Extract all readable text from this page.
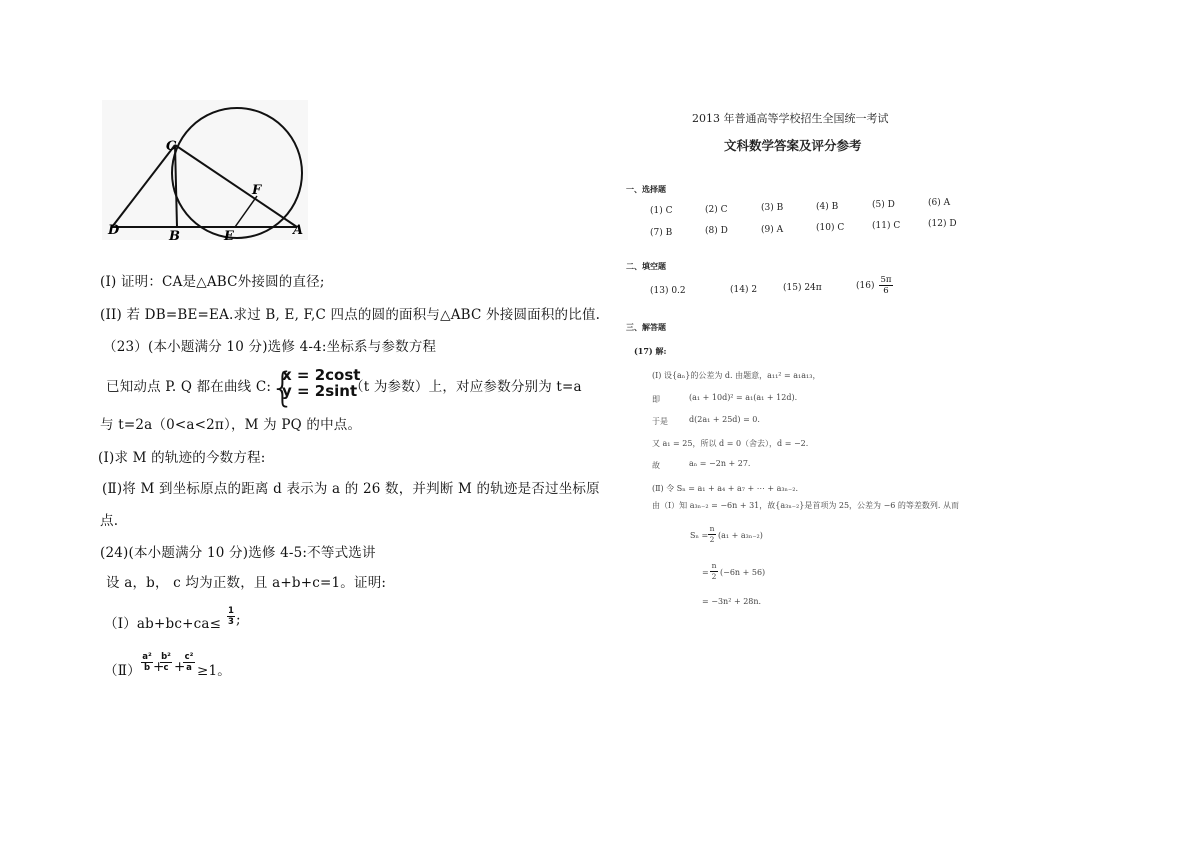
C
F
D	B	E	A
(I) 证明：CA是△ABC外接圆的直径;
(II) 若 DB=BE=EA.求过 B, E, F,C 四点的圆的面积与△ABC 外接圆面积的比值.
（23）(本小题满分 10 分)选修 4-4:坐标系与参数方程
已知动点 P. Q 都在曲线 C:
{
x = 2cost
y = 2sint
（t 为参数）上，对应参数分别为 t=a
与 t=2a（0<a<2π），M 为 PQ 的中点。
(Ⅰ)求 M 的轨迹的今数方程:
(Ⅱ)将 M 到坐标原点的距离 d 表示为 a 的 26 数，并判断 M 的轨迹是否过坐标原
点.
(24)(本小题满分 10 分)选修 4-5:不等式选讲
设 a，b， c 均为正数，且 a+b+c=1。证明:
（Ⅰ）ab+bc+ca≤ $\frac{1}{3}$ ;
（Ⅱ） $\frac{\text{a²}}{b}$ +
$\frac{\text{b²}}{c}$ +
$\frac{\text{c²}}{a} \ge 1$。
2013 年普通高等学校招生全国统一考试
文科数学答案及评分参考
一、选择题
(1) C	(2) C	(3) B	(4) B	(5) D	(6) A
(7) B	(8) D	(9) A	(10) C	(11) C	(12) D
二、填空题
(13) 0.2	(14) 2	(15) 24π	$(16) \frac{5\pi}{6}$
三、解答题
(17) 解:
(Ⅰ) 设{aₙ}的公差为 d. 由题意，a₁₁² = a₁a₁₃，
即	(a₁ + 10d)² = a₁(a₁ + 12d).
于是	d(2a₁ + 25d) = 0.
又 a₁ = 25，所以 d = 0（舍去），d = −2.
故	aₙ = −2n + 27.
(Ⅱ) 令 Sₙ = a₁ + a₄ + a₇ + ⋯ + a₃ₙ₋₂.
由（Ⅰ）知 a₃ₙ₋₂ = −6n + 31，故{a₃ₙ₋₂}是首项为 25，公差为 −6 的等差数列. 从而
$S_n = \frac{n}{2} (a_1 + a_{3n-2})$
= $\frac{n}{2} (-6n + 56)$
= −3n² + 28n.
